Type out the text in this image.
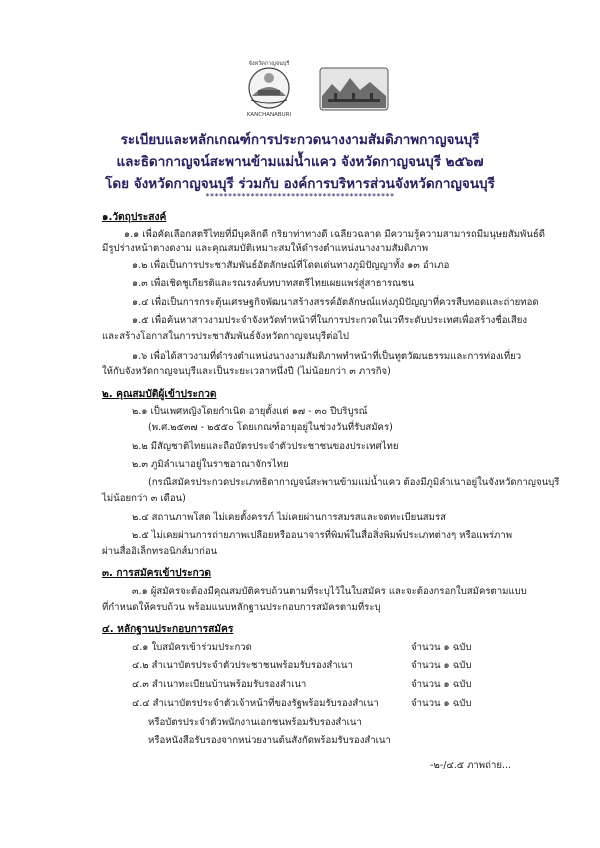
จังหวัดกาญจนบุรี
KANCHANABURI
ระเบียบและหลักเกณฑ์การประกวดนางงามสัมดิภาพกาญจนบุรี
และธิดากาญจน์สะพานข้ามแม่น้ำแคว จังหวัดกาญจนบุรี ๒๕๖๗
โดย จังหวัดกาญจนบุรี ร่วมกับ องค์การบริหารส่วนจังหวัดกาญจนบุรี
******************************************
๑.วัตถุประสงค์
๑.๑ เพื่อคัดเลือกสตรีไทยที่มีบุคลิกดี กริยาท่าทางดี เฉลียวฉลาด มีความรู้ความสามารถมีมนุษยสัมพันธ์ดี
มีรูปร่างหน้าตางดงาม และคุณสมบัติเหมาะสมให้ดำรงตำแหน่งนางงามสัมดิภาพ
๑.๒ เพื่อเป็นการประชาสัมพันธ์อัตลักษณ์ที่โดดเด่นทางภูมิปัญญาทั้ง ๑๓ อำเภอ
๑.๓ เพื่อเชิดชูเกียรติและรณรงค์บทบาทสตรีไทยเผยแพร่สู่สาธารณชน
๑.๔ เพื่อเป็นการกระตุ้นเศรษฐกิจพัฒนาสร้างสรรค์อัตลักษณ์แห่งภูมิปัญญาที่ควรสืบทอดและถ่ายทอด
๑.๕ เพื่อค้นหาสาวงามประจำจังหวัดทำหน้าที่ในการประกวดในเวทีระดับประเทศเพื่อสร้างชื่อเสียง
และสร้างโอกาสในการประชาสัมพันธ์จังหวัดกาญจนบุรีต่อไป
๑.๖ เพื่อได้สาวงามที่ดำรงตำแหน่งนางงามสัมดิภาพทำหน้าที่เป็นทูตวัฒนธรรมและการท่องเที่ยว
ให้กับจังหวัดกาญจนบุรีและเป็นระยะเวลาหนึ่งปี (ไม่น้อยกว่า ๓ ภารกิจ)
๒. คุณสมบัติผู้เข้าประกวด
๒.๑ เป็นเพศหญิงโดยกำเนิด อายุตั้งแต่ ๑๗ - ๓๐ ปีบริบูรณ์
(พ.ศ.๒๕๓๗ - ๒๕๕๐ โดยเกณฑ์อายุอยู่ในช่วงวันที่รับสมัคร)
๒.๒ มีสัญชาติไทยและถือบัตรประจำตัวประชาชนของประเทศไทย
๒.๓ ภูมิลำเนาอยู่ในราชอาณาจักรไทย
(กรณีสมัครประกวดประเภทธิดากาญจน์สะพานข้ามแม่น้ำแคว ต้องมีภูมิลำเนาอยู่ในจังหวัดกาญจนบุรี
ไม่น้อยกว่า ๓ เดือน)
๒.๔ สถานภาพโสด ไม่เคยตั้งครรภ์ ไม่เคยผ่านการสมรสและจดทะเบียนสมรส
๒.๕ ไม่เคยผ่านการถ่ายภาพเปลือยหรืออนาจารที่พิมพ์ในสื่อสิ่งพิมพ์ประเภทต่างๆ หรือแพร่ภาพ
ผ่านสื่ออิเล็กทรอนิกส์มาก่อน
๓. การสมัครเข้าประกวด
๓.๑ ผู้สมัครจะต้องมีคุณสมบัติครบถ้วนตามที่ระบุไว้ในใบสมัคร และจะต้องกรอกใบสมัครตามแบบ
ที่กำหนดให้ครบถ้วน พร้อมแนบหลักฐานประกอบการสมัครตามที่ระบุ
๔. หลักฐานประกอบการสมัคร
๔.๑ ใบสมัครเข้าร่วมประกวด	จำนวน ๑ ฉบับ
๔.๒ สำเนาบัตรประจำตัวประชาชนพร้อมรับรองสำเนา	จำนวน ๑ ฉบับ
๔.๓ สำเนาทะเบียนบ้านพร้อมรับรองสำเนา	จำนวน ๑ ฉบับ
๔.๔ สำเนาบัตรประจำตัวเจ้าหน้าที่ของรัฐพร้อมรับรองสำเนา	จำนวน ๑ ฉบับ
หรือบัตรประจำตัวพนักงานเอกชนพร้อมรับรองสำเนา
หรือหนังสือรับรองจากหน่วยงานต้นสังกัดพร้อมรับรองสำเนา
-๒-/๔.๕ ภาพถ่าย...
